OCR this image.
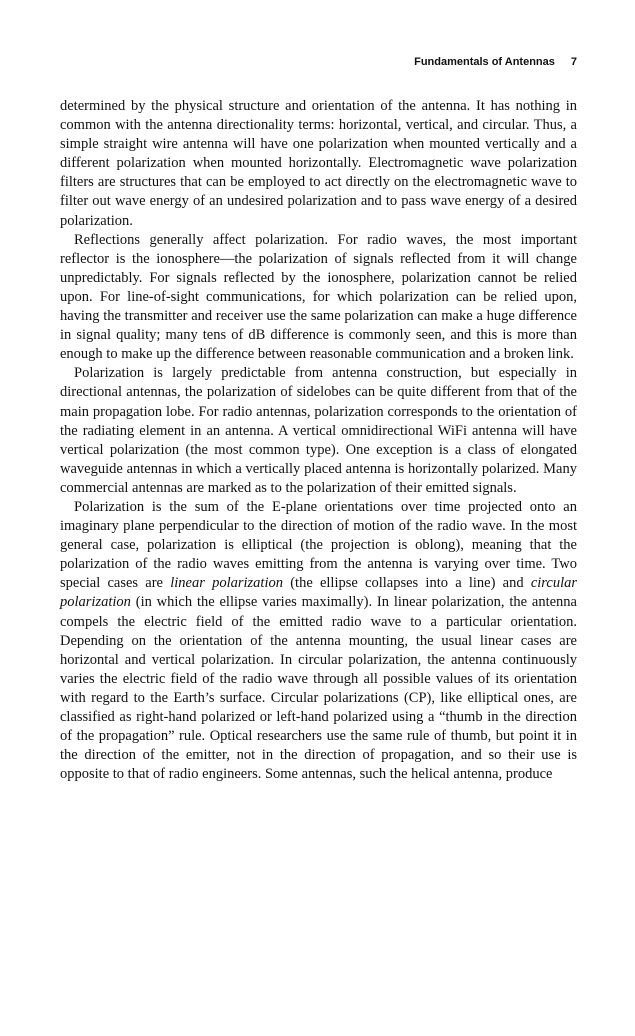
Fundamentals of Antennas 7

determined by the physical structure and orientation of the antenna. It has nothing in common with the antenna directionality terms: horizontal, vertical, and circular. Thus, a simple straight wire antenna will have one polarization when mounted vertically and a different polarization when mounted horizontally. Electromagnetic wave polarization filters are structures that can be employed to act directly on the electromagnetic wave to filter out wave energy of an undesired polarization and to pass wave energy of a desired polarization.

Reflections generally affect polarization. For radio waves, the most important reflector is the ionosphere—the polarization of signals reflected from it will change unpredictably. For signals reflected by the ionosphere, polarization cannot be relied upon. For line-of-sight communications, for which polarization can be relied upon, having the transmitter and receiver use the same polarization can make a huge difference in signal quality; many tens of dB difference is commonly seen, and this is more than enough to make up the difference between reasonable communication and a broken link.

Polarization is largely predictable from antenna construction, but especially in directional antennas, the polarization of sidelobes can be quite different from that of the main propagation lobe. For radio antennas, polarization corresponds to the orientation of the radiating element in an antenna. A vertical omnidirectional WiFi antenna will have vertical polarization (the most common type). One exception is a class of elongated waveguide antennas in which a vertically placed antenna is horizontally polarized. Many commercial antennas are marked as to the polarization of their emitted signals.

Polarization is the sum of the E-plane orientations over time projected onto an imaginary plane perpendicular to the direction of motion of the radio wave. In the most general case, polarization is elliptical (the projection is oblong), meaning that the polarization of the radio waves emitting from the antenna is varying over time. Two special cases are linear polarization (the ellipse collapses into a line) and circular polarization (in which the ellipse varies maximally). In linear polarization, the antenna compels the electric field of the emitted radio wave to a particular orientation. Depending on the orientation of the antenna mounting, the usual linear cases are horizontal and vertical polarization. In circular polarization, the antenna continuously varies the electric field of the radio wave through all possible values of its orientation with regard to the Earth’s surface. Circular polarizations (CP), like elliptical ones, are classified as right-hand polarized or left-hand polarized using a “thumb in the direction of the propagation” rule. Optical researchers use the same rule of thumb, but point it in the direction of the emitter, not in the direction of propagation, and so their use is opposite to that of radio engineers. Some antennas, such the helical antenna, produce
